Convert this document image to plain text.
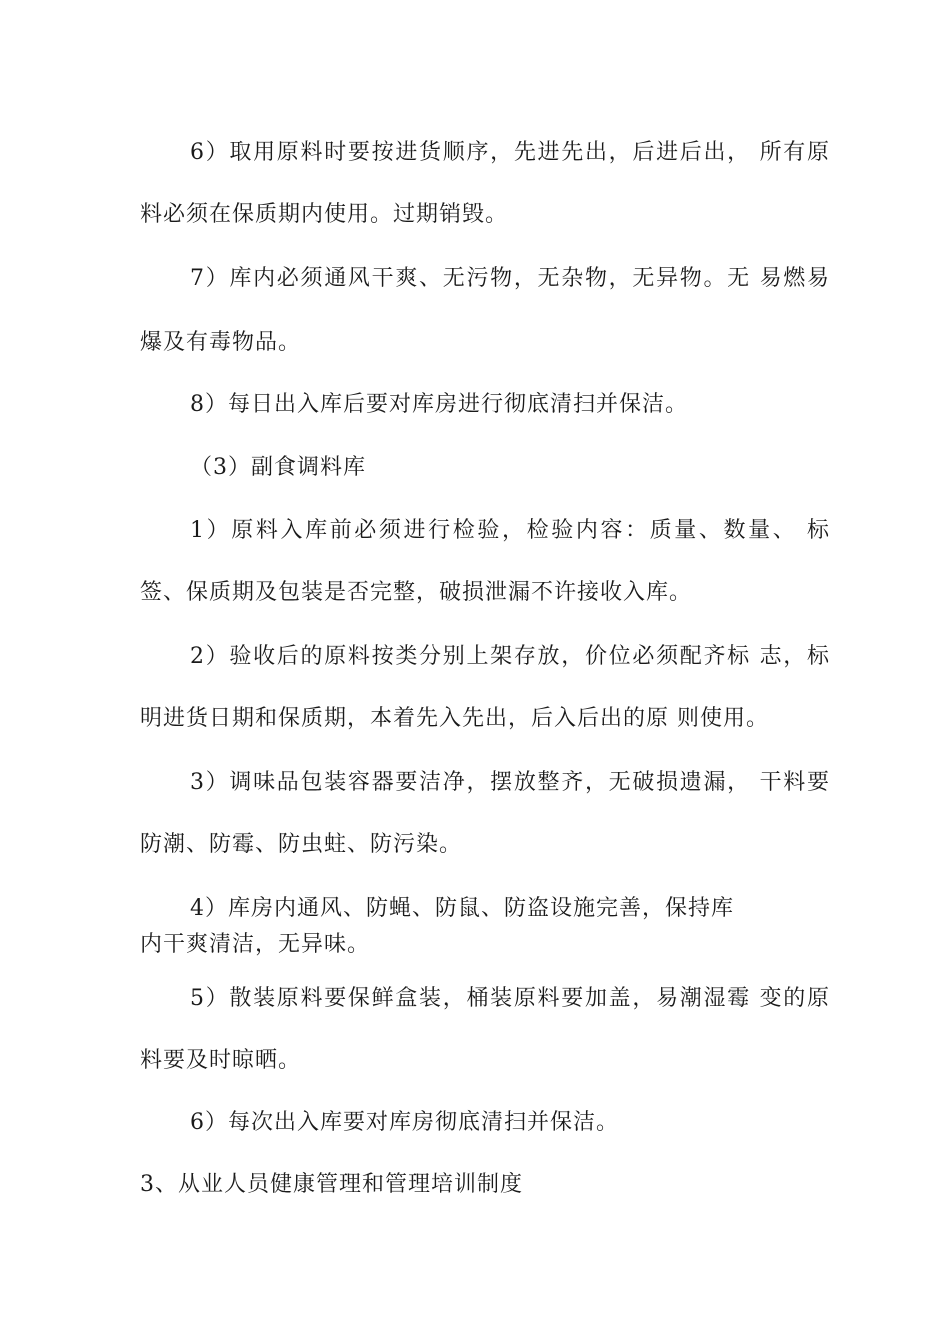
6）取用原料时要按进货顺序，先进先出，后进后出， 所有原
料必须在保质期内使用。过期销毁。
7）库内必须通风干爽、无污物，无杂物，无异物。无 易燃易
爆及有毒物品。
8）每日出入库后要对库房进行彻底清扫并保洁。
（3）副食调料库
1）原料入库前必须进行检验，检验内容：质量、数量、 标
签、保质期及包装是否完整，破损泄漏不许接收入库。
2）验收后的原料按类分别上架存放，价位必须配齐标 志，标
明进货日期和保质期，本着先入先出，后入后出的原 则使用。
3）调味品包装容器要洁净，摆放整齐，无破损遗漏， 干料要
防潮、防霉、防虫蛀、防污染。
4）库房内通风、防蝇、防鼠、防盗设施完善，保持库
内干爽清洁，无异味。
5）散装原料要保鲜盒装，桶装原料要加盖，易潮湿霉 变的原
料要及时晾晒。
6）每次出入库要对库房彻底清扫并保洁。
3、从业人员健康管理和管理培训制度
